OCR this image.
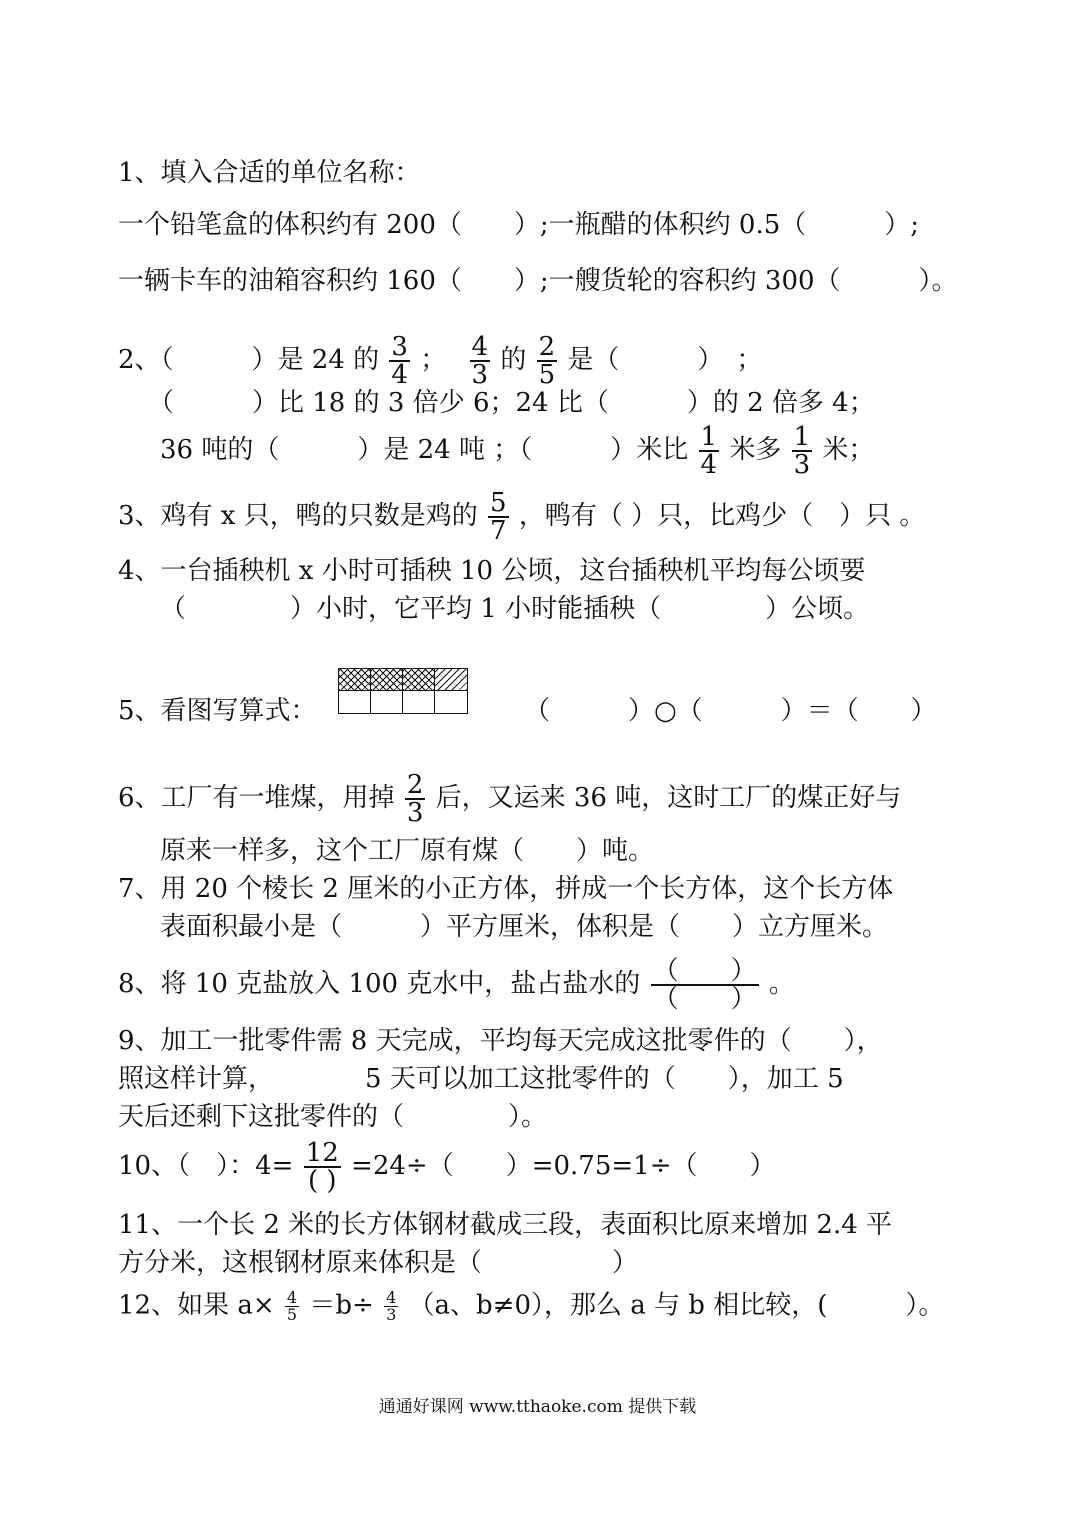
1、填入合适的单位名称：
一个铅笔盒的体积约有 200（　　）;一瓶醋的体积约 0.5（　　　）;
一辆卡车的油箱容积约 160（　　）;一艘货轮的容积约 300（　　　）。
2、（　　　）是 24 的 $\frac{3}{4}$ ；　 $\frac{4}{3}$ 的 $\frac{2}{5}$ 是（　　　）　；
（　　　）比 18 的 3 倍少 6；24 比（　　　）的 2 倍多 4；
36 吨的（　　　）是 24 吨 ；（　　　）米比 $\frac{1}{4}$ 米多 $\frac{1}{3}$ 米；
3、鸡有 x 只，鸭的只数是鸡的 $\frac{5}{7}$ ，鸭有（ ）只，比鸡少（　）只 。
4、一台插秧机 x 小时可插秧 10 公顷，这台插秧机平均每公顷要
（　　　　）小时，它平均 1 小时能插秧（　　　　）公顷。
5、看图写算式：	（　　　）○（　　　）＝（　　）
6、工厂有一堆煤，用掉 $\frac{2}{3}$ 后，又运来 36 吨，这时工厂的煤正好与
原来一样多，这个工厂原有煤（　　）吨。
7、用 20 个棱长 2 厘米的小正方体，拼成一个长方体，这个长方体
表面积最小是（　　　）平方厘米，体积是（　　）立方厘米。
8、将 10 克盐放入 100 克水中，盐占盐水的 $\frac{( )}{( )}$ 。
9、加工一批零件需 8 天完成，平均每天完成这批零件的（　　），
照这样计算，　　　　5 天可以加工这批零件的（　　），加工 5
天后还剩下这批零件的（　　　　）。
10、（　）：$4= \frac{12}{( )} =24\div$（　　）=0.75=1÷（　　）
11、一个长 2 米的长方体钢材截成三段，表面积比原来增加 2.4 平
方分米，这根钢材原来体积是（　　　　　）
12、如果 $a\times \frac{4}{5} =b\div \frac{4}{3} (a$、b≠0），那么 a 与 b 相比较，(　　　）。
通通好课网 www.tthaoke.com 提供下载
